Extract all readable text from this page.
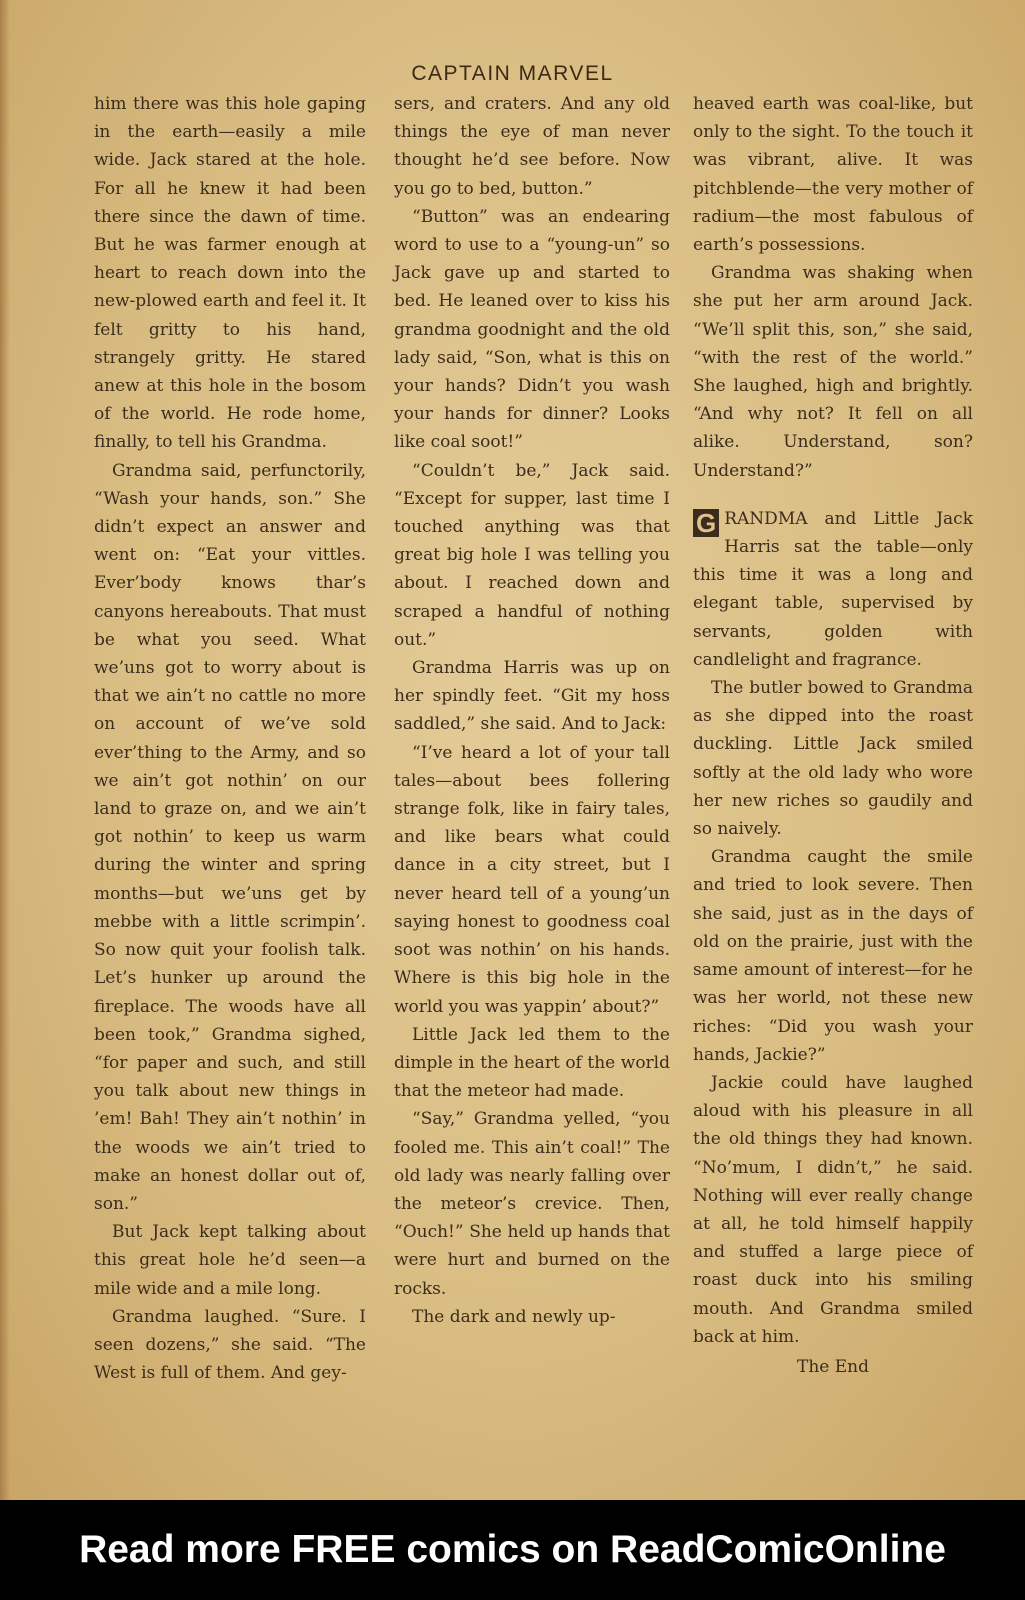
CAPTAIN MARVEL

him there was this hole gaping in the earth—easily a mile wide. Jack stared at the hole. For all he knew it had been there since the dawn of time. But he was farmer enough at heart to reach down into the new-plowed earth and feel it. It felt gritty to his hand, strangely gritty. He stared anew at this hole in the bosom of the world. He rode home, finally, to tell his Grandma.

Grandma said, perfunctorily, “Wash your hands, son.” She didn’t expect an answer and went on: “Eat your vittles. Ever’body knows thar’s canyons hereabouts. That must be what you seed. What we’uns got to worry about is that we ain’t no cattle no more on account of we’ve sold ever’thing to the Army, and so we ain’t got nothin’ on our land to graze on, and we ain’t got nothin’ to keep us warm during the winter and spring months—but we’uns get by mebbe with a little scrimpin’. So now quit your foolish talk. Let’s hunker up around the fireplace. The woods have all been took,” Grandma sighed, “for paper and such, and still you talk about new things in ’em! Bah! They ain’t nothin’ in the woods we ain’t tried to make an honest dollar out of, son.”

But Jack kept talking about this great hole he’d seen—a mile wide and a mile long.

Grandma laughed. “Sure. I seen dozens,” she said. “The West is full of them. And gey-

sers, and craters. And any old things the eye of man never thought he’d see before. Now you go to bed, button.”

“Button” was an endearing word to use to a “young-un” so Jack gave up and started to bed. He leaned over to kiss his grandma goodnight and the old lady said, “Son, what is this on your hands? Didn’t you wash your hands for dinner? Looks like coal soot!”

“Couldn’t be,” Jack said. “Except for supper, last time I touched anything was that great big hole I was telling you about. I reached down and scraped a handful of nothing out.”

Grandma Harris was up on her spindly feet. “Git my hoss saddled,” she said. And to Jack:

“I’ve heard a lot of your tall tales—about bees follering strange folk, like in fairy tales, and like bears what could dance in a city street, but I never heard tell of a young’un saying honest to goodness coal soot was nothin’ on his hands. Where is this big hole in the world you was yappin’ about?”

Little Jack led them to the dimple in the heart of the world that the meteor had made.

“Say,” Grandma yelled, “you fooled me. This ain’t coal!” The old lady was nearly falling over the meteor’s crevice. Then, “Ouch!” She held up hands that were hurt and burned on the rocks.

The dark and newly up-

heaved earth was coal-like, but only to the sight. To the touch it was vibrant, alive. It was pitchblende—the very mother of radium—the most fabulous of earth’s possessions.

Grandma was shaking when she put her arm around Jack. “We’ll split this, son,” she said, “with the rest of the world.” She laughed, high and brightly. “And why not? It fell on all alike. Understand, son? Understand?”

G RANDMA and Little Jack Harris sat the table—only this time it was a long and elegant table, supervised by servants, golden with candlelight and fragrance.

The butler bowed to Grandma as she dipped into the roast duckling. Little Jack smiled softly at the old lady who wore her new riches so gaudily and so naively.

Grandma caught the smile and tried to look severe. Then she said, just as in the days of old on the prairie, just with the same amount of interest—for he was her world, not these new riches: “Did you wash your hands, Jackie?”

Jackie could have laughed aloud with his pleasure in all the old things they had known. “No’mum, I didn’t,” he said. Nothing will ever really change at all, he told himself happily and stuffed a large piece of roast duck into his smiling mouth. And Grandma smiled back at him.

The End

Read more FREE comics on ReadComicOnline
